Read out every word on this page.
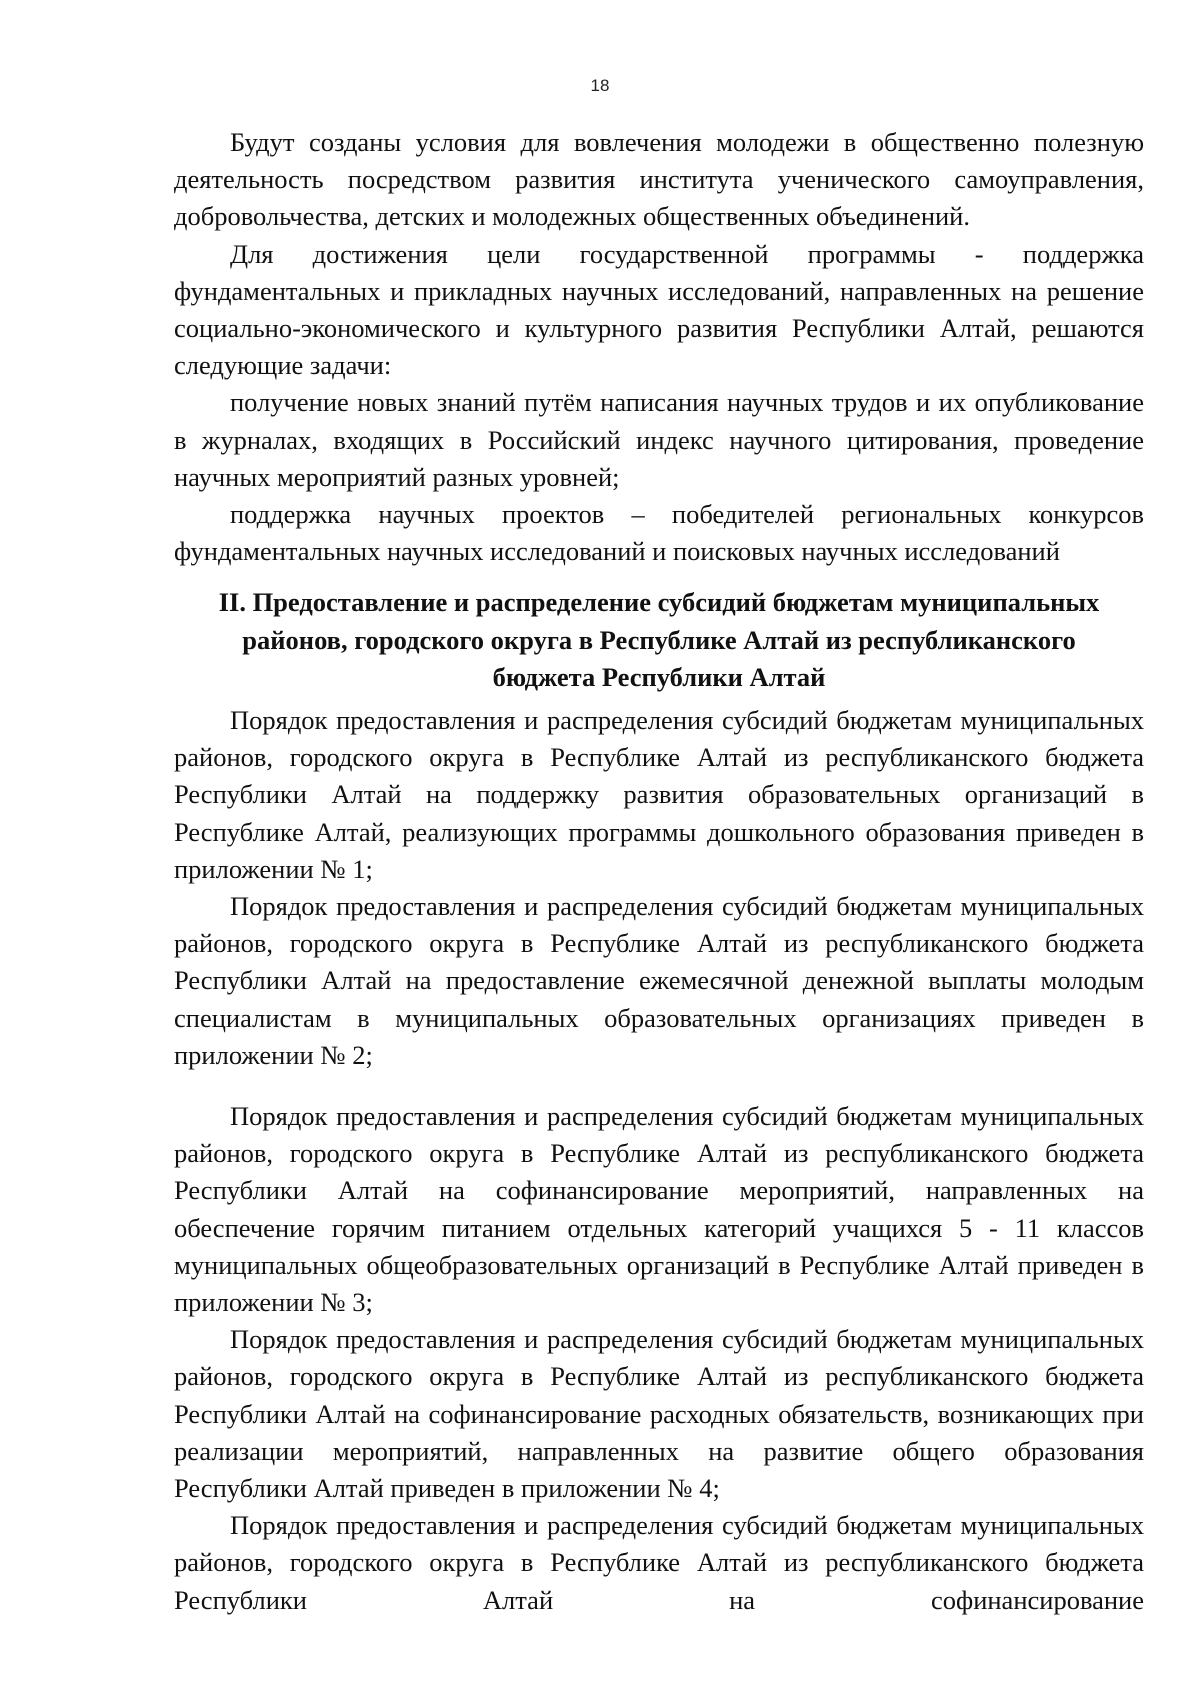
18

Будут созданы условия для вовлечения молодежи в общественно полезную деятельность посредством развития института ученического самоуправления, добровольчества, детских и молодежных общественных объединений.

Для достижения цели государственной программы - поддержка фундаментальных и прикладных научных исследований, направленных на решение социально-экономического и культурного развития Республики Алтай, решаются следующие задачи:

получение новых знаний путём написания научных трудов и их опубликование в журналах, входящих в Российский индекс научного цитирования, проведение научных мероприятий разных уровней;

поддержка научных проектов – победителей региональных конкурсов фундаментальных научных исследований и поисковых научных исследований

II. Предоставление и распределение субсидий бюджетам муниципальных
районов, городского округа в Республике Алтай из республиканского
бюджета Республики Алтай

Порядок предоставления и распределения субсидий бюджетам муниципальных районов, городского округа в Республике Алтай из республиканского бюджета Республики Алтай на поддержку развития образовательных организаций в Республике Алтай, реализующих программы дошкольного образования приведен в приложении № 1;

Порядок предоставления и распределения субсидий бюджетам муниципальных районов, городского округа в Республике Алтай из республиканского бюджета Республики Алтай на предоставление ежемесячной денежной выплаты молодым специалистам в муниципальных образовательных организациях приведен в приложении № 2;

Порядок предоставления и распределения субсидий бюджетам муниципальных районов, городского округа в Республике Алтай из республиканского бюджета Республики Алтай на софинансирование мероприятий, направленных на обеспечение горячим питанием отдельных категорий учащихся 5 - 11 классов муниципальных общеобразовательных организаций в Республике Алтай приведен в приложении № 3;

Порядок предоставления и распределения субсидий бюджетам муниципальных районов, городского округа в Республике Алтай из республиканского бюджета Республики Алтай на софинансирование расходных обязательств, возникающих при реализации мероприятий, направленных на развитие общего образования Республики Алтай приведен в приложении № 4;

Порядок предоставления и распределения субсидий бюджетам муниципальных районов, городского округа в Республике Алтай из республиканского бюджета Республики Алтай на софинансирование
